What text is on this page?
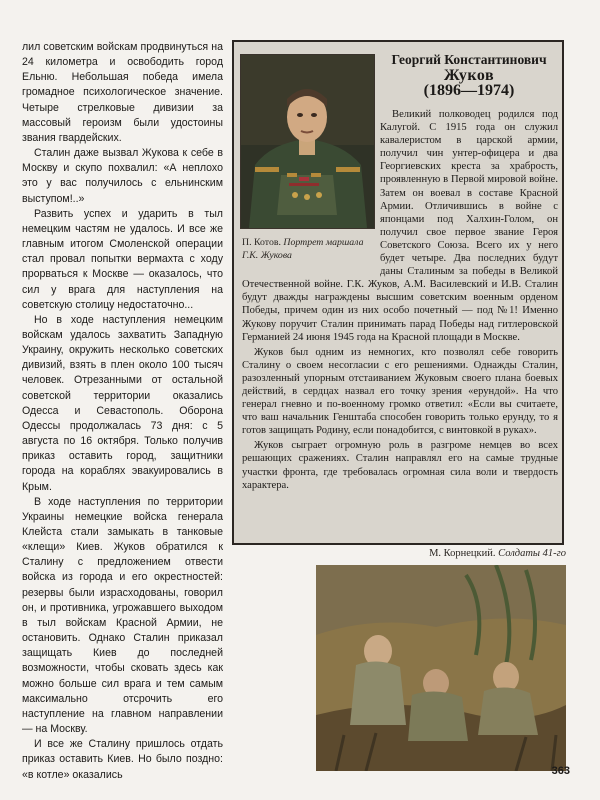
лил советским войскам продвинуться на 24 километра и освободить город Ельню. Небольшая победа имела громадное психологическое значение. Четыре стрелковые дивизии за массовый героизм были удостоины звания гвардейских.

Сталин даже вызвал Жукова к себе в Москву и скупо похвалил: «А неплохо это у вас получилось с ельнинским выступом!..»

Развить успех и ударить в тыл немецким частям не удалось. И все же главным итогом Смоленской операции стал провал попытки вермахта с ходу прорваться к Москве — оказалось, что сил у врага для наступления на советскую столицу недостаточно...

Но в ходе наступления немецким войскам удалось захватить Западную Украину, окружить несколько советских дивизий, взять в плен около 100 тысяч человек. Отрезанными от остальной советской территории оказались Одесса и Севастополь. Оборона Одессы продолжалась 73 дня: с 5 августа по 16 октября. Только получив приказ оставить город, защитники города на кораблях эвакуировались в Крым.

В ходе наступления по территории Украины немецкие войска генерала Клейста стали замыкать в танковые «клещи» Киев. Жуков обратился к Сталину с предложением отвести войска из города и его окрестностей: резервы были израсходованы, говорил он, и противника, угрожавшего выходом в тыл войскам Красной Армии, не остановить. Однако Сталин приказал защищать Киев до последней возможности, чтобы сковать здесь как можно больше сил врага и тем самым максимально отсрочить его наступление на главном направлении — на Москву.

И все же Сталину пришлось отдать приказ оставить Киев. Но было поздно: «в котле» оказались

П. Котов. Портрет маршала Г.К. Жукова
Георгий Константинович
Жуков
(1896—1974)

Великий полководец родился под Калугой. С 1915 года он служил кавалеристом в царской армии, получил чин унтер-офицера и два Георгиевских креста за храбрость, проявленную в Первой мировой войне. Затем он воевал в составе Красной Армии. Отличившись в войне с японцами под Халхин-Голом, он получил свое первое звание Героя Советского Союза. Всего их у него будет четыре. Два последних будут даны Сталиным за победы в Великой Отечественной войне. Г.К. Жуков, А.М. Василевский и И.В. Сталин будут дважды награждены высшим советским военным орденом Победы, причем один из них особо почетный — под №1! Именно Жукову поручит Сталин принимать парад Победы над гитлеровской Германией 24 июня 1945 года на Красной площади в Москве.

Жуков был одним из немногих, кто позволял себе говорить Сталину о своем несогласии с его решениями. Однажды Сталин, разозленный упорным отстаиванием Жуковым своего плана боевых действий, в сердцах назвал его точку зрения «ерундой». На что генерал гневно и по-военному громко ответил: «Если вы считаете, что ваш начальник Генштаба способен говорить только ерунду, то я готов защищать Родину, если понадобится, с винтовкой в руках».

Жуков сыграет огромную роль в разгроме немцев во всех решающих сражениях. Сталин направлял его на самые трудные участки фронта, где требовалась огромная сила воли и твердость характера.

М. Корнецкий. Солдаты 41-го
363
